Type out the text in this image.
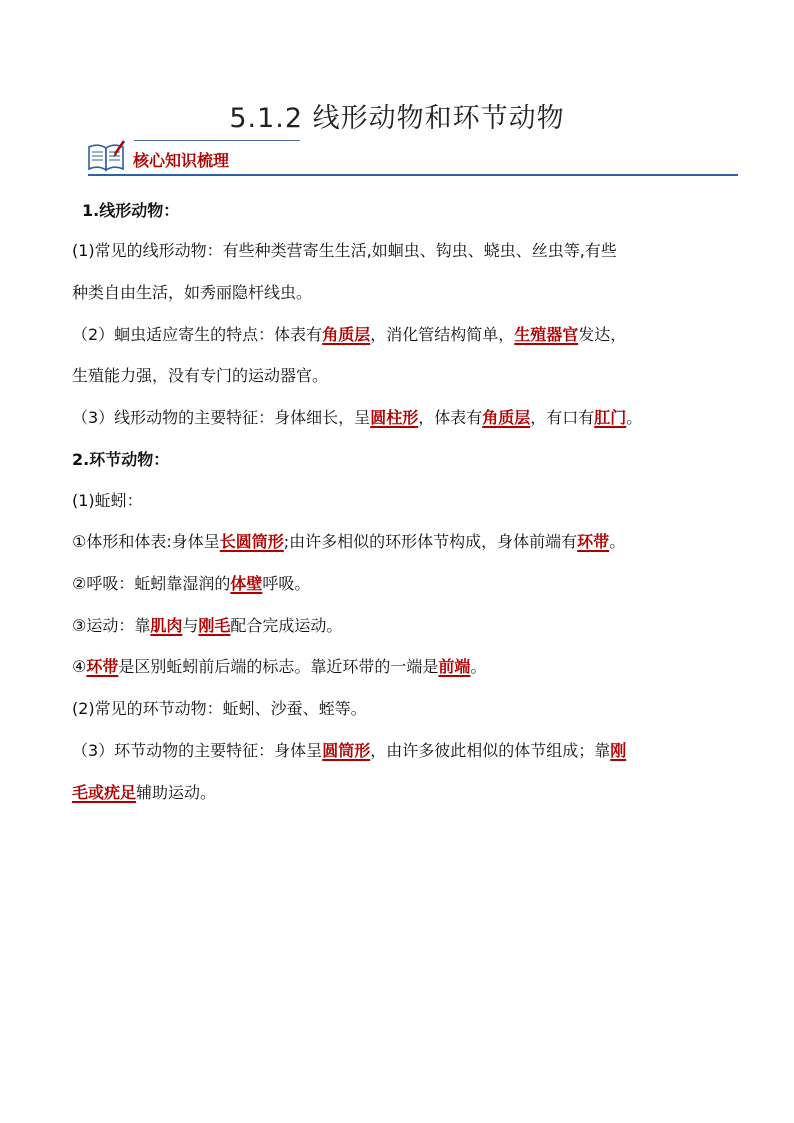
5.1.2 线形动物和环节动物
核心知识梳理
1.线形动物：
(1)常见的线形动物：有些种类营寄生生活,如蛔虫、钩虫、蛲虫、丝虫等,有些
种类自由生活，如秀丽隐杆线虫。
（2）蛔虫适应寄生的特点：体表有角质层，消化管结构简单，生殖器官发达，
生殖能力强，没有专门的运动器官。
（3）线形动物的主要特征：身体细长，呈圆柱形，体表有角质层，有口有肛门。
2.环节动物：
(1)蚯蚓：
①体形和体表:身体呈长圆筒形;由许多相似的环形体节构成，身体前端有环带。
②呼吸：蚯蚓靠湿润的体壁呼吸。
③运动：靠肌肉与刚毛配合完成运动。
④环带是区别蚯蚓前后端的标志。靠近环带的一端是前端。
(2)常见的环节动物：蚯蚓、沙蚕、蛭等。
（3）环节动物的主要特征：身体呈圆筒形，由许多彼此相似的体节组成；靠刚
毛或疣足辅助运动。
